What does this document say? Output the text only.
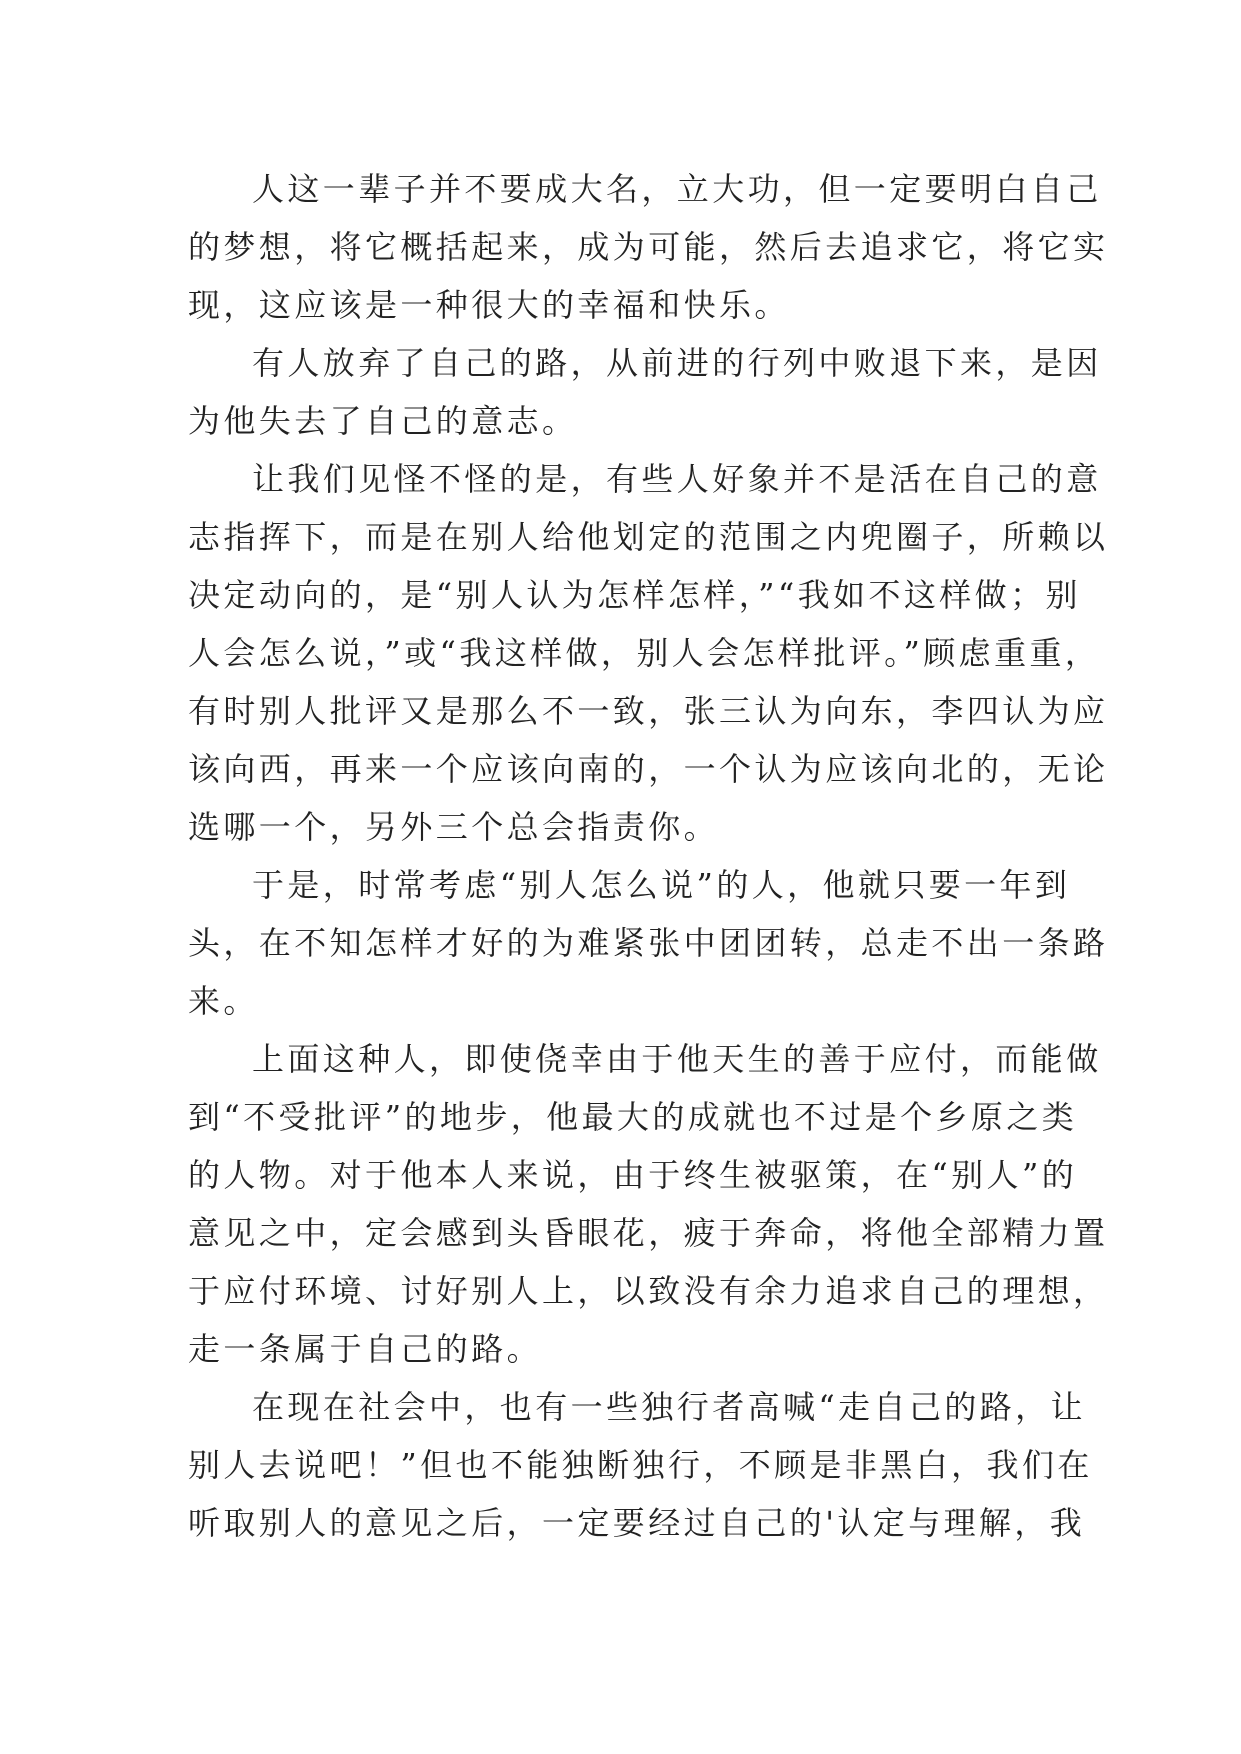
人这一辈子并不要成大名，立大功，但一定要明白自己
的梦想，将它概括起来，成为可能，然后去追求它，将它实
现，这应该是一种很大的幸福和快乐。
有人放弃了自己的路，从前进的行列中败退下来，是因
为他失去了自己的意志。
让我们见怪不怪的是，有些人好象并不是活在自己的意
志指挥下，而是在别人给他划定的范围之内兜圈子，所赖以
决定动向的，是“别人认为怎样怎样，”“我如不这样做；别
人会怎么说，”或“我这样做，别人会怎样批评。”顾虑重重，
有时别人批评又是那么不一致，张三认为向东，李四认为应
该向西，再来一个应该向南的，一个认为应该向北的，无论
选哪一个，另外三个总会指责你。
于是，时常考虑“别人怎么说”的人，他就只要一年到
头，在不知怎样才好的为难紧张中团团转，总走不出一条路
来。
上面这种人，即使侥幸由于他天生的善于应付，而能做
到“不受批评”的地步，他最大的成就也不过是个乡原之类
的人物。对于他本人来说，由于终生被驱策，在“别人”的
意见之中，定会感到头昏眼花，疲于奔命，将他全部精力置
于应付环境、讨好别人上，以致没有余力追求自己的理想，
走一条属于自己的路。
在现在社会中，也有一些独行者高喊“走自己的路，让
别人去说吧！”但也不能独断独行，不顾是非黑白，我们在
听取别人的意见之后，一定要经过自己的'认定与理解，我
